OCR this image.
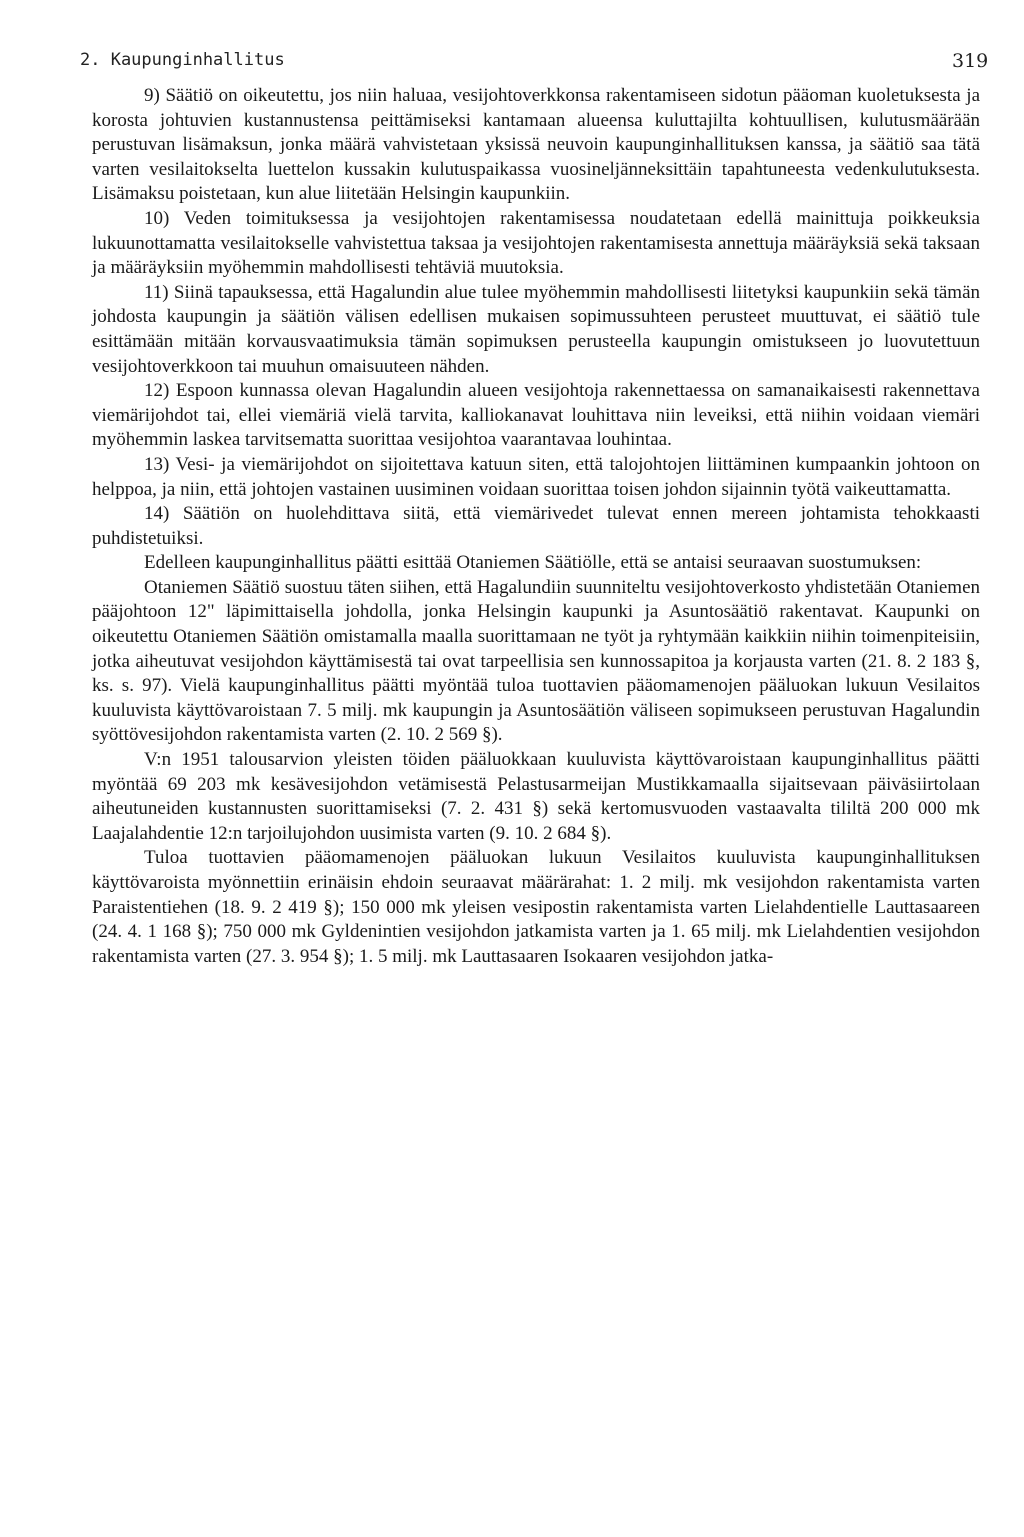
2. Kaupunginhallitus	319

9) Säätiö on oikeutettu, jos niin haluaa, vesijohtoverkkonsa rakentamiseen sidotun pääoman kuoletuksesta ja korosta johtuvien kustannustensa peittämiseksi kantamaan alueensa kuluttajilta kohtuullisen, kulutusmäärään perustuvan lisämaksun, jonka määrä vahvistetaan yksissä neuvoin kaupunginhallituksen kanssa, ja säätiö saa tätä varten vesilaitokselta luettelon kussakin kulutuspaikassa vuosineljänneksittäin tapahtuneesta vedenkulutuksesta. Lisämaksu poistetaan, kun alue liitetään Helsingin kaupunkiin.

10) Veden toimituksessa ja vesijohtojen rakentamisessa noudatetaan edellä mainittuja poikkeuksia lukuunottamatta vesilaitokselle vahvistettua taksaa ja vesijohtojen rakentamisesta annettuja määräyksiä sekä taksaan ja määräyksiin myöhemmin mahdollisesti tehtäviä muutoksia.

11) Siinä tapauksessa, että Hagalundin alue tulee myöhemmin mahdollisesti liitetyksi kaupunkiin sekä tämän johdosta kaupungin ja säätiön välisen edellisen mukaisen sopimussuhteen perusteet muuttuvat, ei säätiö tule esittämään mitään korvausvaatimuksia tämän sopimuksen perusteella kaupungin omistukseen jo luovutettuun vesijohtoverkkoon tai muuhun omaisuuteen nähden.

12) Espoon kunnassa olevan Hagalundin alueen vesijohtoja rakennettaessa on samanaikaisesti rakennettava viemärijohdot tai, ellei viemäriä vielä tarvita, kalliokanavat louhittava niin leveiksi, että niihin voidaan viemäri myöhemmin laskea tarvitsematta suorittaa vesijohtoa vaarantavaa louhintaa.

13) Vesi- ja viemärijohdot on sijoitettava katuun siten, että talojohtojen liittäminen kumpaankin johtoon on helppoa, ja niin, että johtojen vastainen uusiminen voidaan suorittaa toisen johdon sijainnin työtä vaikeuttamatta.

14) Säätiön on huolehdittava siitä, että viemärivedet tulevat ennen mereen johtamista tehokkaasti puhdistetuiksi.

Edelleen kaupunginhallitus päätti esittää Otaniemen Säätiölle, että se antaisi seuraavan suostumuksen:

Otaniemen Säätiö suostuu täten siihen, että Hagalundiin suunniteltu vesijohtoverkosto yhdistetään Otaniemen pääjohtoon 12" läpimittaisella johdolla, jonka Helsingin kaupunki ja Asuntosäätiö rakentavat. Kaupunki on oikeutettu Otaniemen Säätiön omistamalla maalla suorittamaan ne työt ja ryhtymään kaikkiin niihin toimenpiteisiin, jotka aiheutuvat vesijohdon käyttämisestä tai ovat tarpeellisia sen kunnossapitoa ja korjausta varten (21. 8. 2 183 §, ks. s. 97). Vielä kaupunginhallitus päätti myöntää tuloa tuottavien pääomamenojen pääluokan lukuun Vesilaitos kuuluvista käyttövaroistaan 7. 5 milj. mk kaupungin ja Asuntosäätiön väliseen sopimukseen perustuvan Hagalundin syöttövesijohdon rakentamista varten (2. 10. 2 569 §).

V:n 1951 talousarvion yleisten töiden pääluokkaan kuuluvista käyttövaroistaan kaupunginhallitus päätti myöntää 69 203 mk kesävesijohdon vetämisestä Pelastusarmeijan Mustikkamaalla sijaitsevaan päiväsiirtolaan aiheutuneiden kustannusten suorittamiseksi (7. 2. 431 §) sekä kertomusvuoden vastaavalta tililtä 200 000 mk Laajalahdentie 12:n tarjoilujohdon uusimista varten (9. 10. 2 684 §).

Tuloa tuottavien pääomamenojen pääluokan lukuun Vesilaitos kuuluvista kaupunginhallituksen käyttövaroista myönnettiin erinäisin ehdoin seuraavat määrärahat: 1. 2 milj. mk vesijohdon rakentamista varten Paraistentiehen (18. 9. 2 419 §); 150 000 mk yleisen vesipostin rakentamista varten Lielahdentielle Lauttasaareen (24. 4. 1 168 §); 750 000 mk Gyldenintien vesijohdon jatkamista varten ja 1. 65 milj. mk Lielahdentien vesijohdon rakentamista varten (27. 3. 954 §); 1. 5 milj. mk Lauttasaaren Isokaaren vesijohdon jatka-
